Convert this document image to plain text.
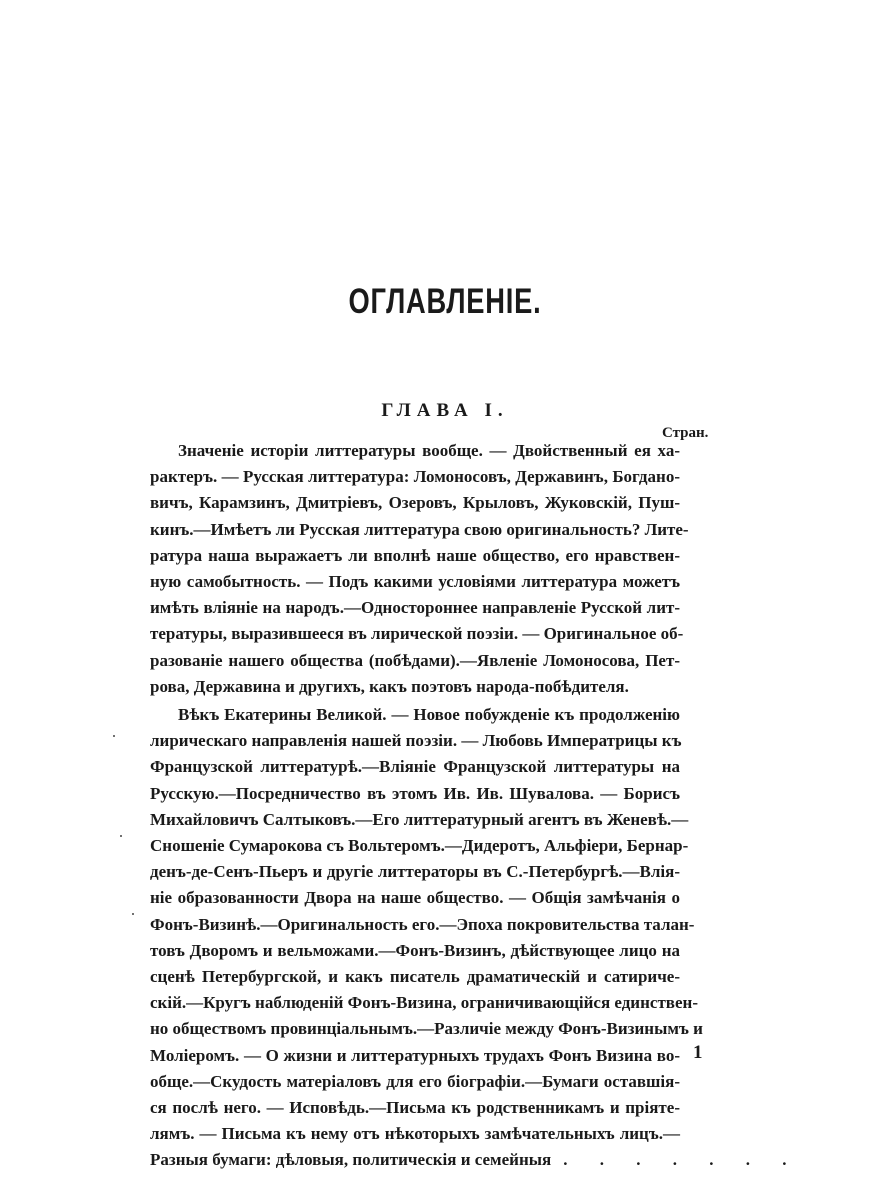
ОГЛАВЛЕНІЕ.
ГЛАВА I.
Стран.

Значеніе исторіи литтературы вообще. — Двойственный ея ха-

рактеръ. — Русская литтература: Ломоносовъ, Державинъ, Богдано-

вичъ, Карамзинъ, Дмитріевъ, Озеровъ, Крыловъ, Жуковскій, Пуш-

кинъ.—Имѣетъ ли Русская литтература свою оригинальность? Лите-

ратура наша выражаетъ ли вполнѣ наше общество, его нравствен-

ную самобытность. — Подъ какими условіями литтература можетъ

имѣть вліяніе на народъ.—Одностороннее направленіе Русской лит-

тературы, выразившееся въ лирической поэзіи. — Оригинальное об-

разованіе нашего общества (побѣдами).—Явленіе Ломоносова, Пет-

рова, Державина и другихъ, какъ поэтовъ народа-побѣдителя.

Вѣкъ Екатерины Великой. — Новое побужденіе къ продолженію

лирическаго направленія нашей поэзіи. — Любовь Императрицы къ

Французской литтературѣ.—Вліяніе Французской литтературы на

Русскую.—Посредничество въ этомъ Ив. Ив. Шувалова. — Борисъ

Михайловичъ Салтыковъ.—Его литтературный агентъ въ Женевѣ.—

Сношеніе Сумарокова съ Вольтеромъ.—Дидеротъ, Альфіери, Бернар-

денъ-де-Сенъ-Пьеръ и другіе литтераторы въ С.-Петербургѣ.—Влія-

ніе образованности Двора на наше общество. — Общія замѣчанія о

Фонъ-Визинѣ.—Оригинальность его.—Эпоха покровительства талан-

товъ Дворомъ и вельможами.—Фонъ-Визинъ, дѣйствующее лицо на

сценѣ Петербургской, и какъ писатель драматическій и сатириче-

скій.—Кругъ наблюденій Фонъ-Визина, ограничивающійся единствен-

но обществомъ провинціальнымъ.—Различіе между Фонъ-Визинымъ и

Моліеромъ. — О жизни и литтературныхъ трудахъ Фонъ Визина во-

обще.—Скудость матеріаловъ для его біографіи.—Бумаги оставшія-

ся послѣ него. — Исповѣдь.—Письма къ родственникамъ и пріяте-

лямъ. — Письма къ нему отъ нѣкоторыхъ замѣчательныхъ лицъ.—

Разныя бумаги: дѣловыя, политическія и семейныя . . . . . . .
1
